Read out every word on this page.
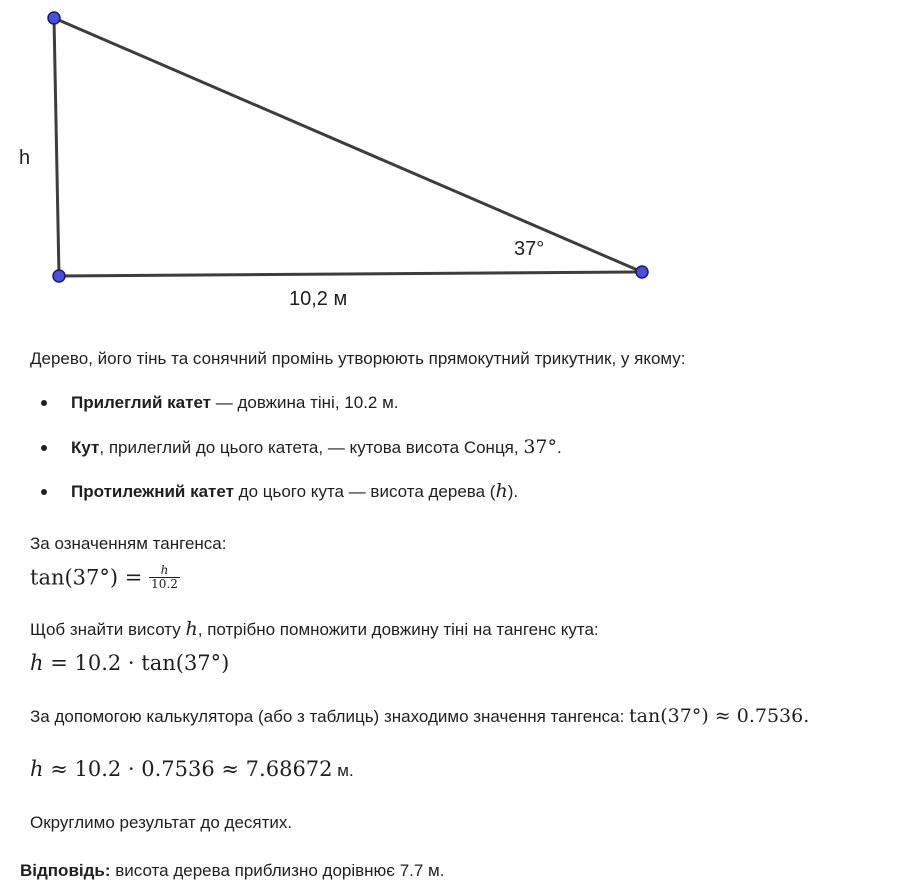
h
10,2 м
37°
Дерево, його тінь та сонячний промінь утворюють прямокутний трикутник, у якому:
Прилеглий катет — довжина тіні, 10.2 м.
Кут, прилеглий до цього катета, — кутова висота Сонця, 37°.
Протилежний катет до цього кута — висота дерева (h).
За означенням тангенса:
$\tan(37^\circ) = \frac{h}{10.2}$
Щоб знайти висоту h, потрібно помножити довжину тіні на тангенс кута:
h = 10.2 · tan(37°)
За допомогою калькулятора (або з таблиць) знаходимо значення тангенса: tan(37°) ≈ 0.7536.
h ≈ 10.2 · 0.7536 ≈ 7.68672 м.
Округлимо результат до десятих.
Відповідь: висота дерева приблизно дорівнює 7.7 м.
